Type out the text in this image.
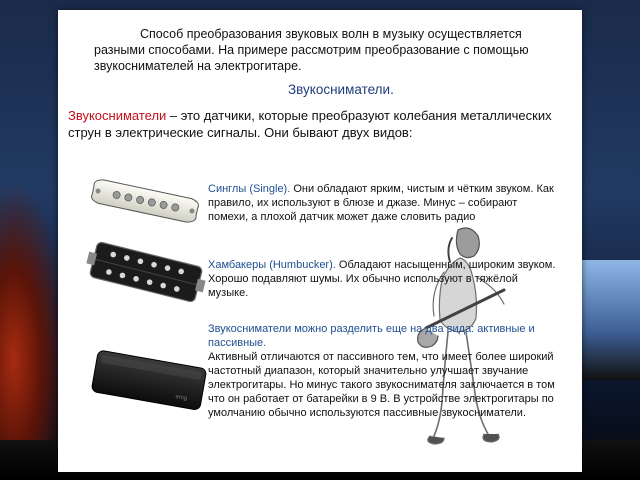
Способ преобразования звуковых волн в музыку осуществляется разными способами. На примере рассмотрим преобразование с помощью звукоснимателей на электрогитаре.
Звукосниматели.
Звукосниматели – это датчики, которые преобразуют колебания металлических струн в электрические сигналы. Они бывают двух видов:
emg
Синглы (Single). Они обладают ярким, чистым и чётким звуком. Как правило, их используют в блюзе и джазе. Минус – собирают помехи, а плохой датчик может даже словить радио
Хамбакеры (Humbucker). Обладают насыщенным, широким звуком. Хорошо подавляют шумы. Их обычно используют в тяжёлой музыке.
Звукосниматели можно разделить еще на два вида: активные и пассивные.
Активный отличаются от пассивного тем, что имеет более широкий частотный диапазон, который значительно улучшает звучание электрогитары. Но минус такого звукоснимателя заключается в том что он работает от батарейки в 9 В. В устройстве электрогитары по умолчанию обычно используются пассивные звукосниматели.
